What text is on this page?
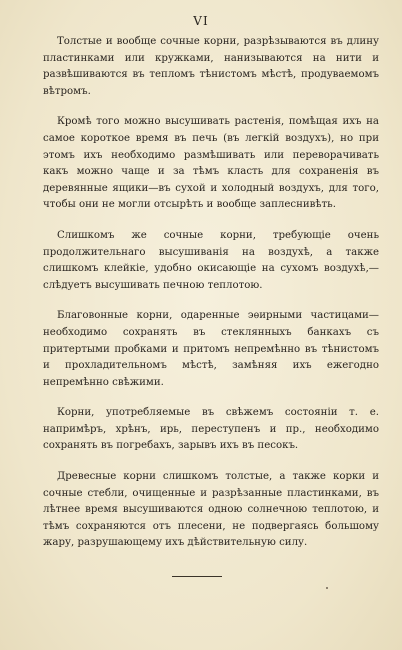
VI

Толстые и вообще сочные корни, разрѣзываются въ длину пластинками или кружками, нанизываются на нити и развѣшиваются въ тепломъ тѣнистомъ мѣстѣ, продуваемомъ вѣтромъ.

Кромѣ того можно высушивать растенія, помѣщая ихъ на самое короткое время въ печь (въ легкій воздухъ), но при этомъ ихъ необходимо размѣшивать или переворачивать какъ можно чаще и за тѣмъ класть для сохраненія въ деревянные ящики—въ сухой и холодный воздухъ, для того, чтобы они не могли отсырѣть и вообще заплеснивѣть.

Слишкомъ же сочные корни, требующіе очень продолжительнаго высушиванія на воздухѣ, а также слишкомъ клейкіе, удобно окисающіе на сухомъ воздухѣ,—слѣдуетъ высушивать печною теплотою.

Благовонные корни, одаренные эѳирными частицами— необходимо сохранять въ стеклянныхъ банкахъ съ притертыми пробками и притомъ непремѣнно въ тѣнистомъ и прохладительномъ мѣстѣ, замѣняя ихъ ежегодно непремѣнно свѣжими.

Корни, употребляемые въ свѣжемъ состояніи т. е. напримѣръ, хрѣнъ, ирь, переступенъ и пр., необходимо сохранять въ погребахъ, зарывъ ихъ въ песокъ.

Древесные корни слишкомъ толстые, а также корки и сочные стебли, очищенные и разрѣзанные пластинками, въ лѣтнее время высушиваются одною солнечною теплотою, и тѣмъ сохраняются отъ плесени, не подвергаясь большому жару, разрушающему ихъ дѣйствительную силу.
